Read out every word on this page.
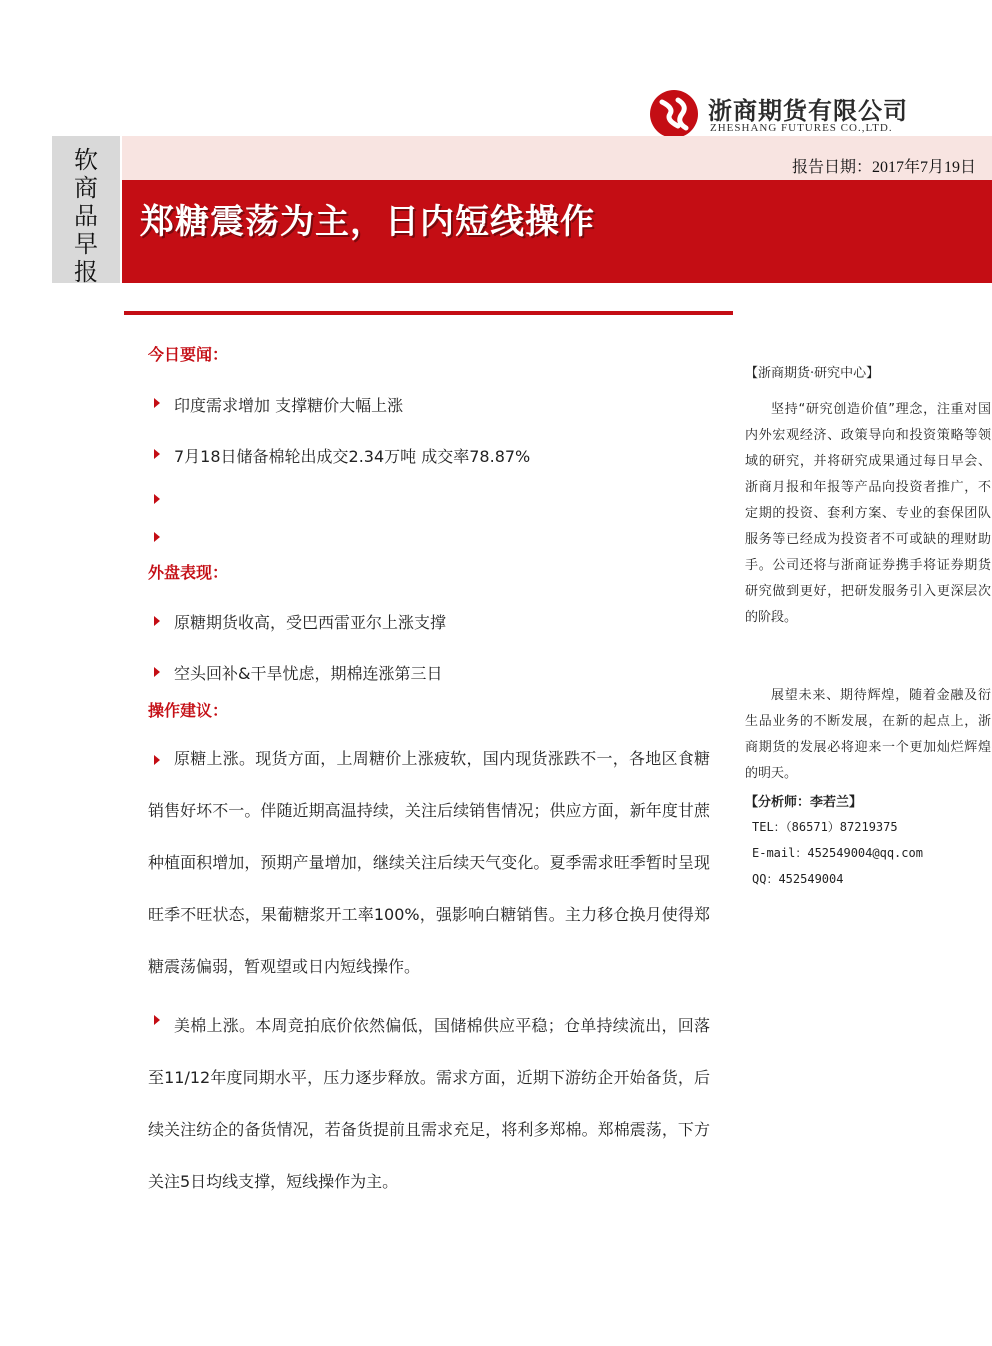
浙商期货有限公司
ZHESHANG FUTURES CO.,LTD.
软
商
品
早
报
报告日期：2017年7月19日
郑糖震荡为主，日内短线操作
今日要闻：
印度需求增加 支撑糖价大幅上涨
7月18日储备棉轮出成交2.34万吨 成交率78.87%
外盘表现：
原糖期货收高，受巴西雷亚尔上涨支撑
空头回补&干旱忧虑，期棉连涨第三日
操作建议：

原糖上涨。现货方面，上周糖价上涨疲软，国内现货涨跌不一，各地区食糖销售好坏不一。伴随近期高温持续，关注后续销售情况；供应方面，新年度甘蔗种植面积增加，预期产量增加，继续关注后续天气变化。夏季需求旺季暂时呈现旺季不旺状态，果葡糖浆开工率100%，强影响白糖销售。主力移仓换月使得郑糖震荡偏弱，暂观望或日内短线操作。

美棉上涨。本周竞拍底价依然偏低，国储棉供应平稳；仓单持续流出，回落至11/12年度同期水平，压力逐步释放。需求方面，近期下游纺企开始备货，后续关注纺企的备货情况，若备货提前且需求充足，将利多郑棉。郑棉震荡，下方关注5日均线支撑，短线操作为主。

【浙商期货·研究中心】

坚持“研究创造价值”理念，注重对国内外宏观经济、政策导向和投资策略等领域的研究，并将研究成果通过每日早会、浙商月报和年报等产品向投资者推广，不定期的投资、套利方案、专业的套保团队服务等已经成为投资者不可或缺的理财助手。公司还将与浙商证券携手将证券期货研究做到更好，把研发服务引入更深层次的阶段。

展望未来、期待辉煌，随着金融及衍生品业务的不断发展，在新的起点上，浙商期货的发展必将迎来一个更加灿烂辉煌的明天。

【分析师：李若兰】
TEL：（86571）87219375
E-mail：452549004@qq.com
QQ：452549004
